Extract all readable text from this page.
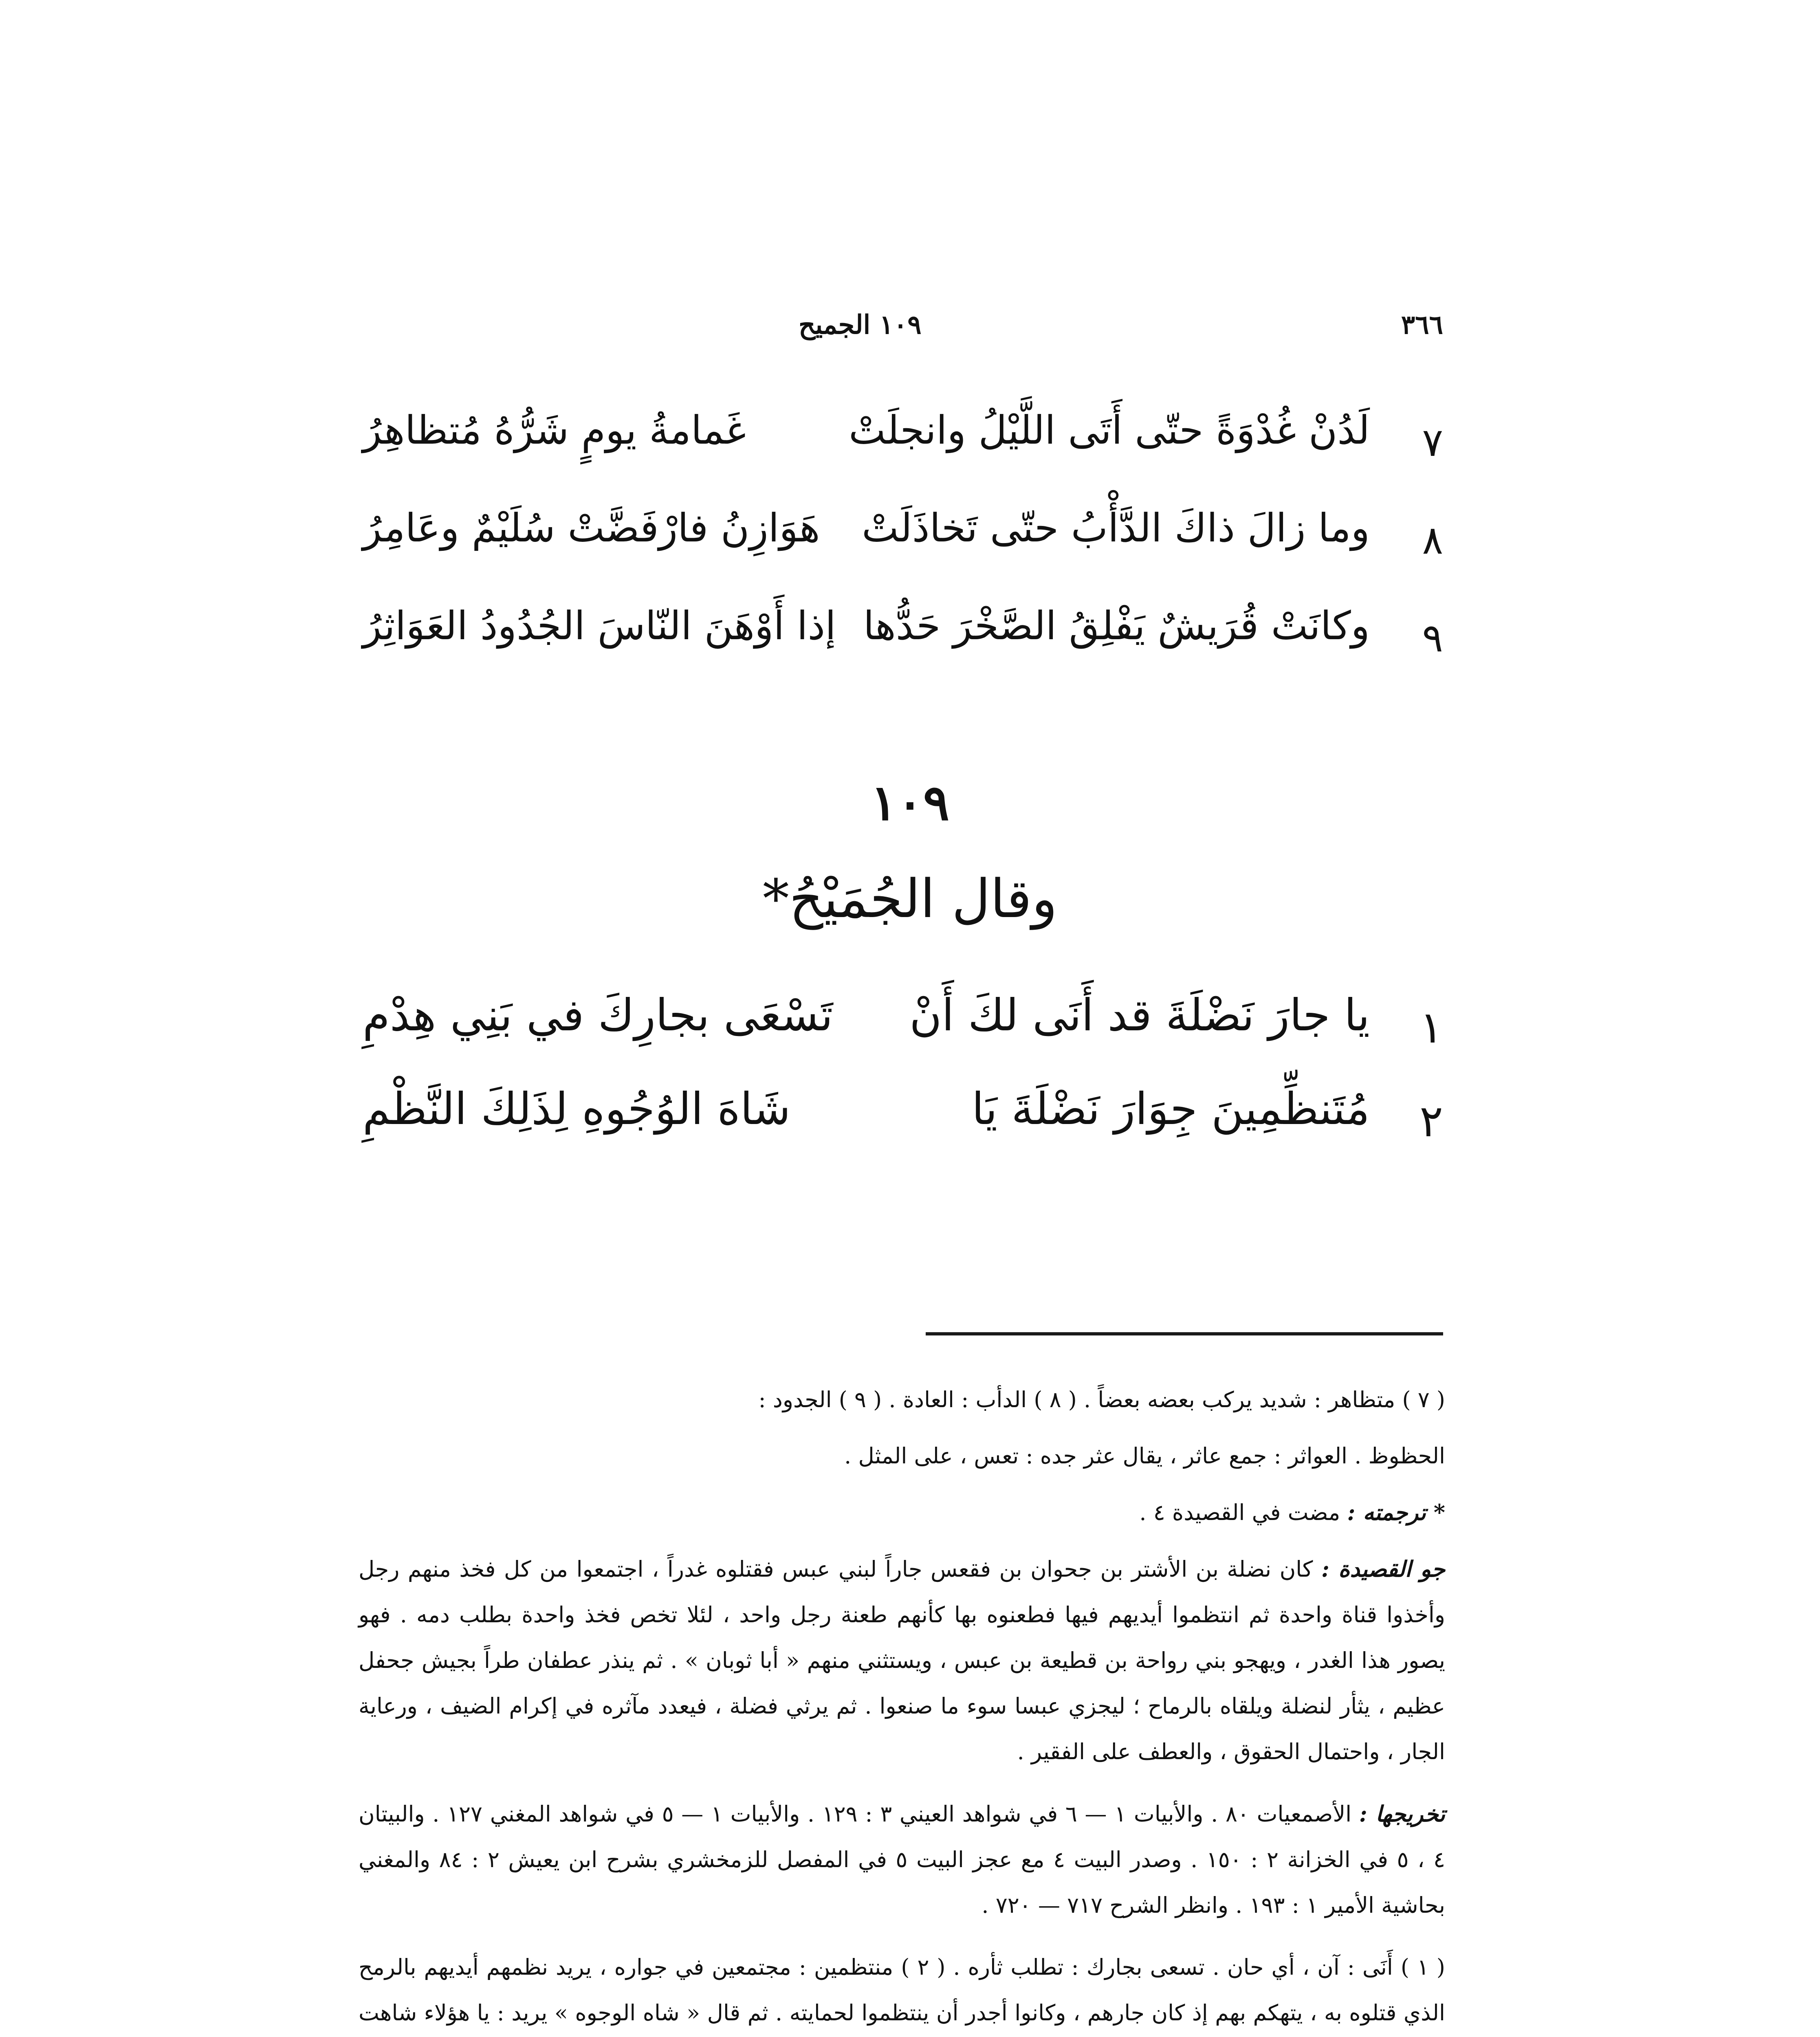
٣٦٦
١٠٩ الجميح
٧
لَدُنْ غُدْوَةً حتّى أَتَى اللَّيْلُ وانجلَتْ
غَمامةُ يومٍ شَرُّهُ مُتظاهِرُ
٨
وما زالَ ذاكَ الدَّأْبُ حتّى تَخاذَلَتْ
هَوَازِنُ فارْفَضَّتْ سُلَيْمٌ وعَامِرُ
٩
وكانَتْ قُرَيشٌ يَفْلِقُ الصَّخْرَ حَدُّها
إذا أَوْهَنَ النّاسَ الجُدُودُ العَوَاثِرُ
١٠٩
وقال الجُمَيْحُ*
١
يا جارَ نَضْلَةَ قد أَنَى لكَ أَنْ
تَسْعَى بجارِكَ في بَنِي هِدْمِ
٢
مُتَنظِّمِينَ جِوَارَ نَضْلَةَ يَا
شَاهَ الوُجُوهِ لِذَلِكَ النَّظْمِ

( ٧ ) متظاهر : شديد يركب بعضه بعضاً . ( ٨ ) الدأب : العادة . ( ٩ ) الجدود :

الحظوظ . العواثر : جمع عاثر ، يقال عثر جده : تعس ، على المثل .

* ترجمته : مضت في القصيدة ٤ .

جو القصيدة : كان نضلة بن الأشتر بن جحوان بن فقعس جاراً لبني عبس فقتلوه غدراً ، اجتمعوا من كل فخذ منهم رجل وأخذوا قناة واحدة ثم انتظموا أيديهم فيها فطعنوه بها كأنهم طعنة رجل واحد ، لئلا تخص فخذ واحدة بطلب دمه . فهو يصور هذا الغدر ، ويهجو بني رواحة بن قطيعة بن عبس ، ويستثني منهم « أبا ثوبان » . ثم ينذر عطفان طراً بجيش جحفل عظيم ، يثأر لنضلة ويلقاه بالرماح ؛ ليجزي عبسا سوء ما صنعوا . ثم يرثي فضلة ، فيعدد مآثره في إكرام الضيف ، ورعاية الجار ، واحتمال الحقوق ، والعطف على الفقير .

تخريجها : الأصمعيات ٨٠ . والأبيات ١ — ٦ في شواهد العيني ٣ : ١٢٩ . والأبيات ١ — ٥ في شواهد المغني ١٢٧ . والبيتان ٤ ، ٥ في الخزانة ٢ : ١٥٠ . وصدر البيت ٤ مع عجز البيت ٥ في المفصل للزمخشري بشرح ابن يعيش ٢ : ٨٤ والمغني بحاشية الأمير ١ : ١٩٣ . وانظر الشرح ٧١٧ — ٧٢٠ .

( ١ ) أَنَى : آن ، أي حان . تسعى بجارك : تطلب ثأره . ( ٢ ) منتظمين : مجتمعين في جواره ، يريد نظمهم أيديهم بالرمح الذي قتلوه به ، يتهكم بهم إذ كان جارهم ، وكانوا أجدر أن ينتظموا لحمايته . ثم قال « شاه الوجوه » يريد : يا هؤلاء شاهت
